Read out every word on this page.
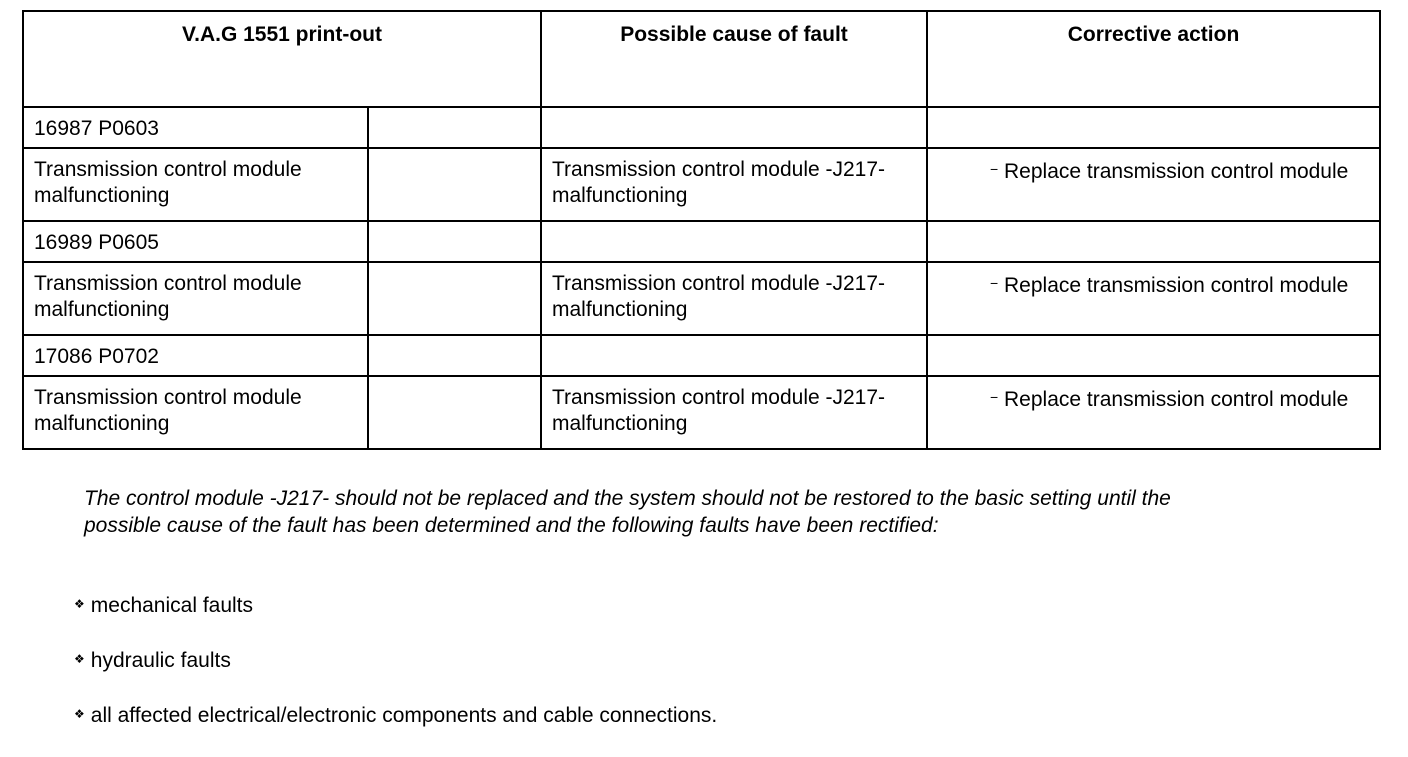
V.A.G 1551 print-out		Possible cause of fault	Corrective action
16987 P0603			
Transmission control module malfunctioning		Transmission control module -J217- malfunctioning	− Replace transmission control module

16989 P0605			
Transmission control module malfunctioning		Transmission control module -J217- malfunctioning	− Replace transmission control module

17086 P0702			
Transmission control module malfunctioning		Transmission control module -J217- malfunctioning	− Replace transmission control module

The control module -J217- should not be replaced and the system should not be restored to the basic setting until the possible cause of the fault has been determined and the following faults have been rectified:

❖ mechanical faults
❖ hydraulic faults
❖ all affected electrical/electronic components and cable connections.
